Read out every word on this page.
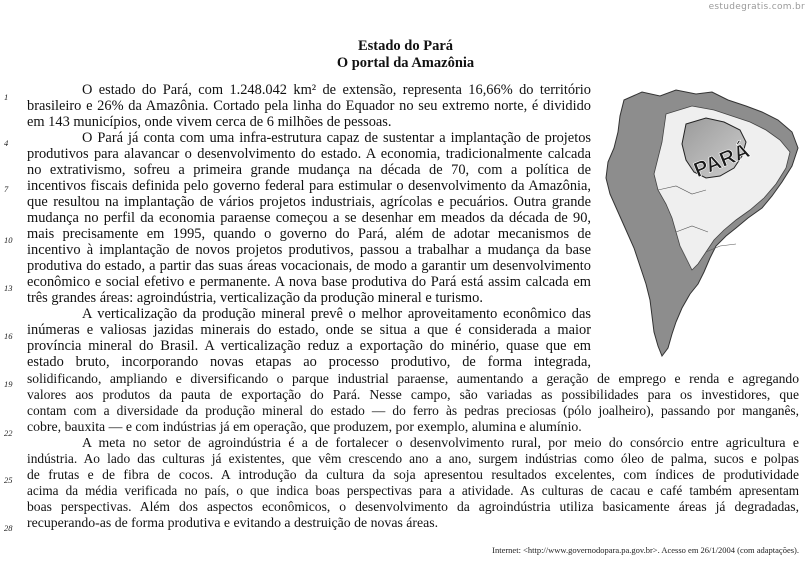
estudegratis.com.br
Estado do Pará
O portal da Amazônia
1
4
7
10
13
16
19
22
25
28
O estado do Pará, com 1.248.042 km² de extensão, representa 16,66% do território
brasileiro e 26% da Amazônia. Cortado pela linha do Equador no seu extremo norte, é dividido
em 143 municípios, onde vivem cerca de 6 milhões de pessoas.
O Pará já conta com uma infra-estrutura capaz de sustentar a implantação de projetos
produtivos para alavancar o desenvolvimento do estado. A economia, tradicionalmente calcada
no extrativismo, sofreu a primeira grande mudança na década de 70, com a política de
incentivos fiscais definida pelo governo federal para estimular o desenvolvimento da Amazônia,
que resultou na implantação de vários projetos industriais, agrícolas e pecuários. Outra grande
mudança no perfil da economia paraense começou a se desenhar em meados da década de 90,
mais precisamente em 1995, quando o governo do Pará, além de adotar mecanismos de
incentivo à implantação de novos projetos produtivos, passou a trabalhar a mudança da base
produtiva do estado, a partir das suas áreas vocacionais, de modo a garantir um desenvolvimento
econômico e social efetivo e permanente. A nova base produtiva do Pará está assim calcada em
três grandes áreas: agroindústria, verticalização da produção mineral e turismo.
A verticalização da produção mineral prevê o melhor aproveitamento econômico das
inúmeras e valiosas jazidas minerais do estado, onde se situa a que é considerada a maior
província mineral do Brasil. A verticalização reduz a exportação do minério, quase que em
estado bruto, incorporando novas etapas ao processo produtivo, de forma integrada,
solidificando, ampliando e diversificando o parque industrial paraense, aumentando a geração de emprego e renda e agregando
valores aos produtos da pauta de exportação do Pará. Nesse campo, são variadas as possibilidades para os investidores, que
contam com a diversidade da produção mineral do estado — do ferro às pedras preciosas (pólo joalheiro), passando por manganês,
cobre, bauxita — e com indústrias já em operação, que produzem, por exemplo, alumina e alumínio.
A meta no setor de agroindústria é a de fortalecer o desenvolvimento rural, por meio do consórcio entre agricultura e
indústria. Ao lado das culturas já existentes, que vêm crescendo ano a ano, surgem indústrias como óleo de palma, sucos e polpas
de frutas e de fibra de cocos. A introdução da cultura da soja apresentou resultados excelentes, com índices de produtividade
acima da média verificada no país, o que indica boas perspectivas para a atividade. As culturas de cacau e café também apresentam
boas perspectivas. Além dos aspectos econômicos, o desenvolvimento da agroindústria utiliza basicamente áreas já degradadas,
recuperando-as de forma produtiva e evitando a destruição de novas áreas.
Internet: <http://www.governodopara.pa.gov.br>. Acesso em 26/1/2004 (com adaptações).
PARÁ
